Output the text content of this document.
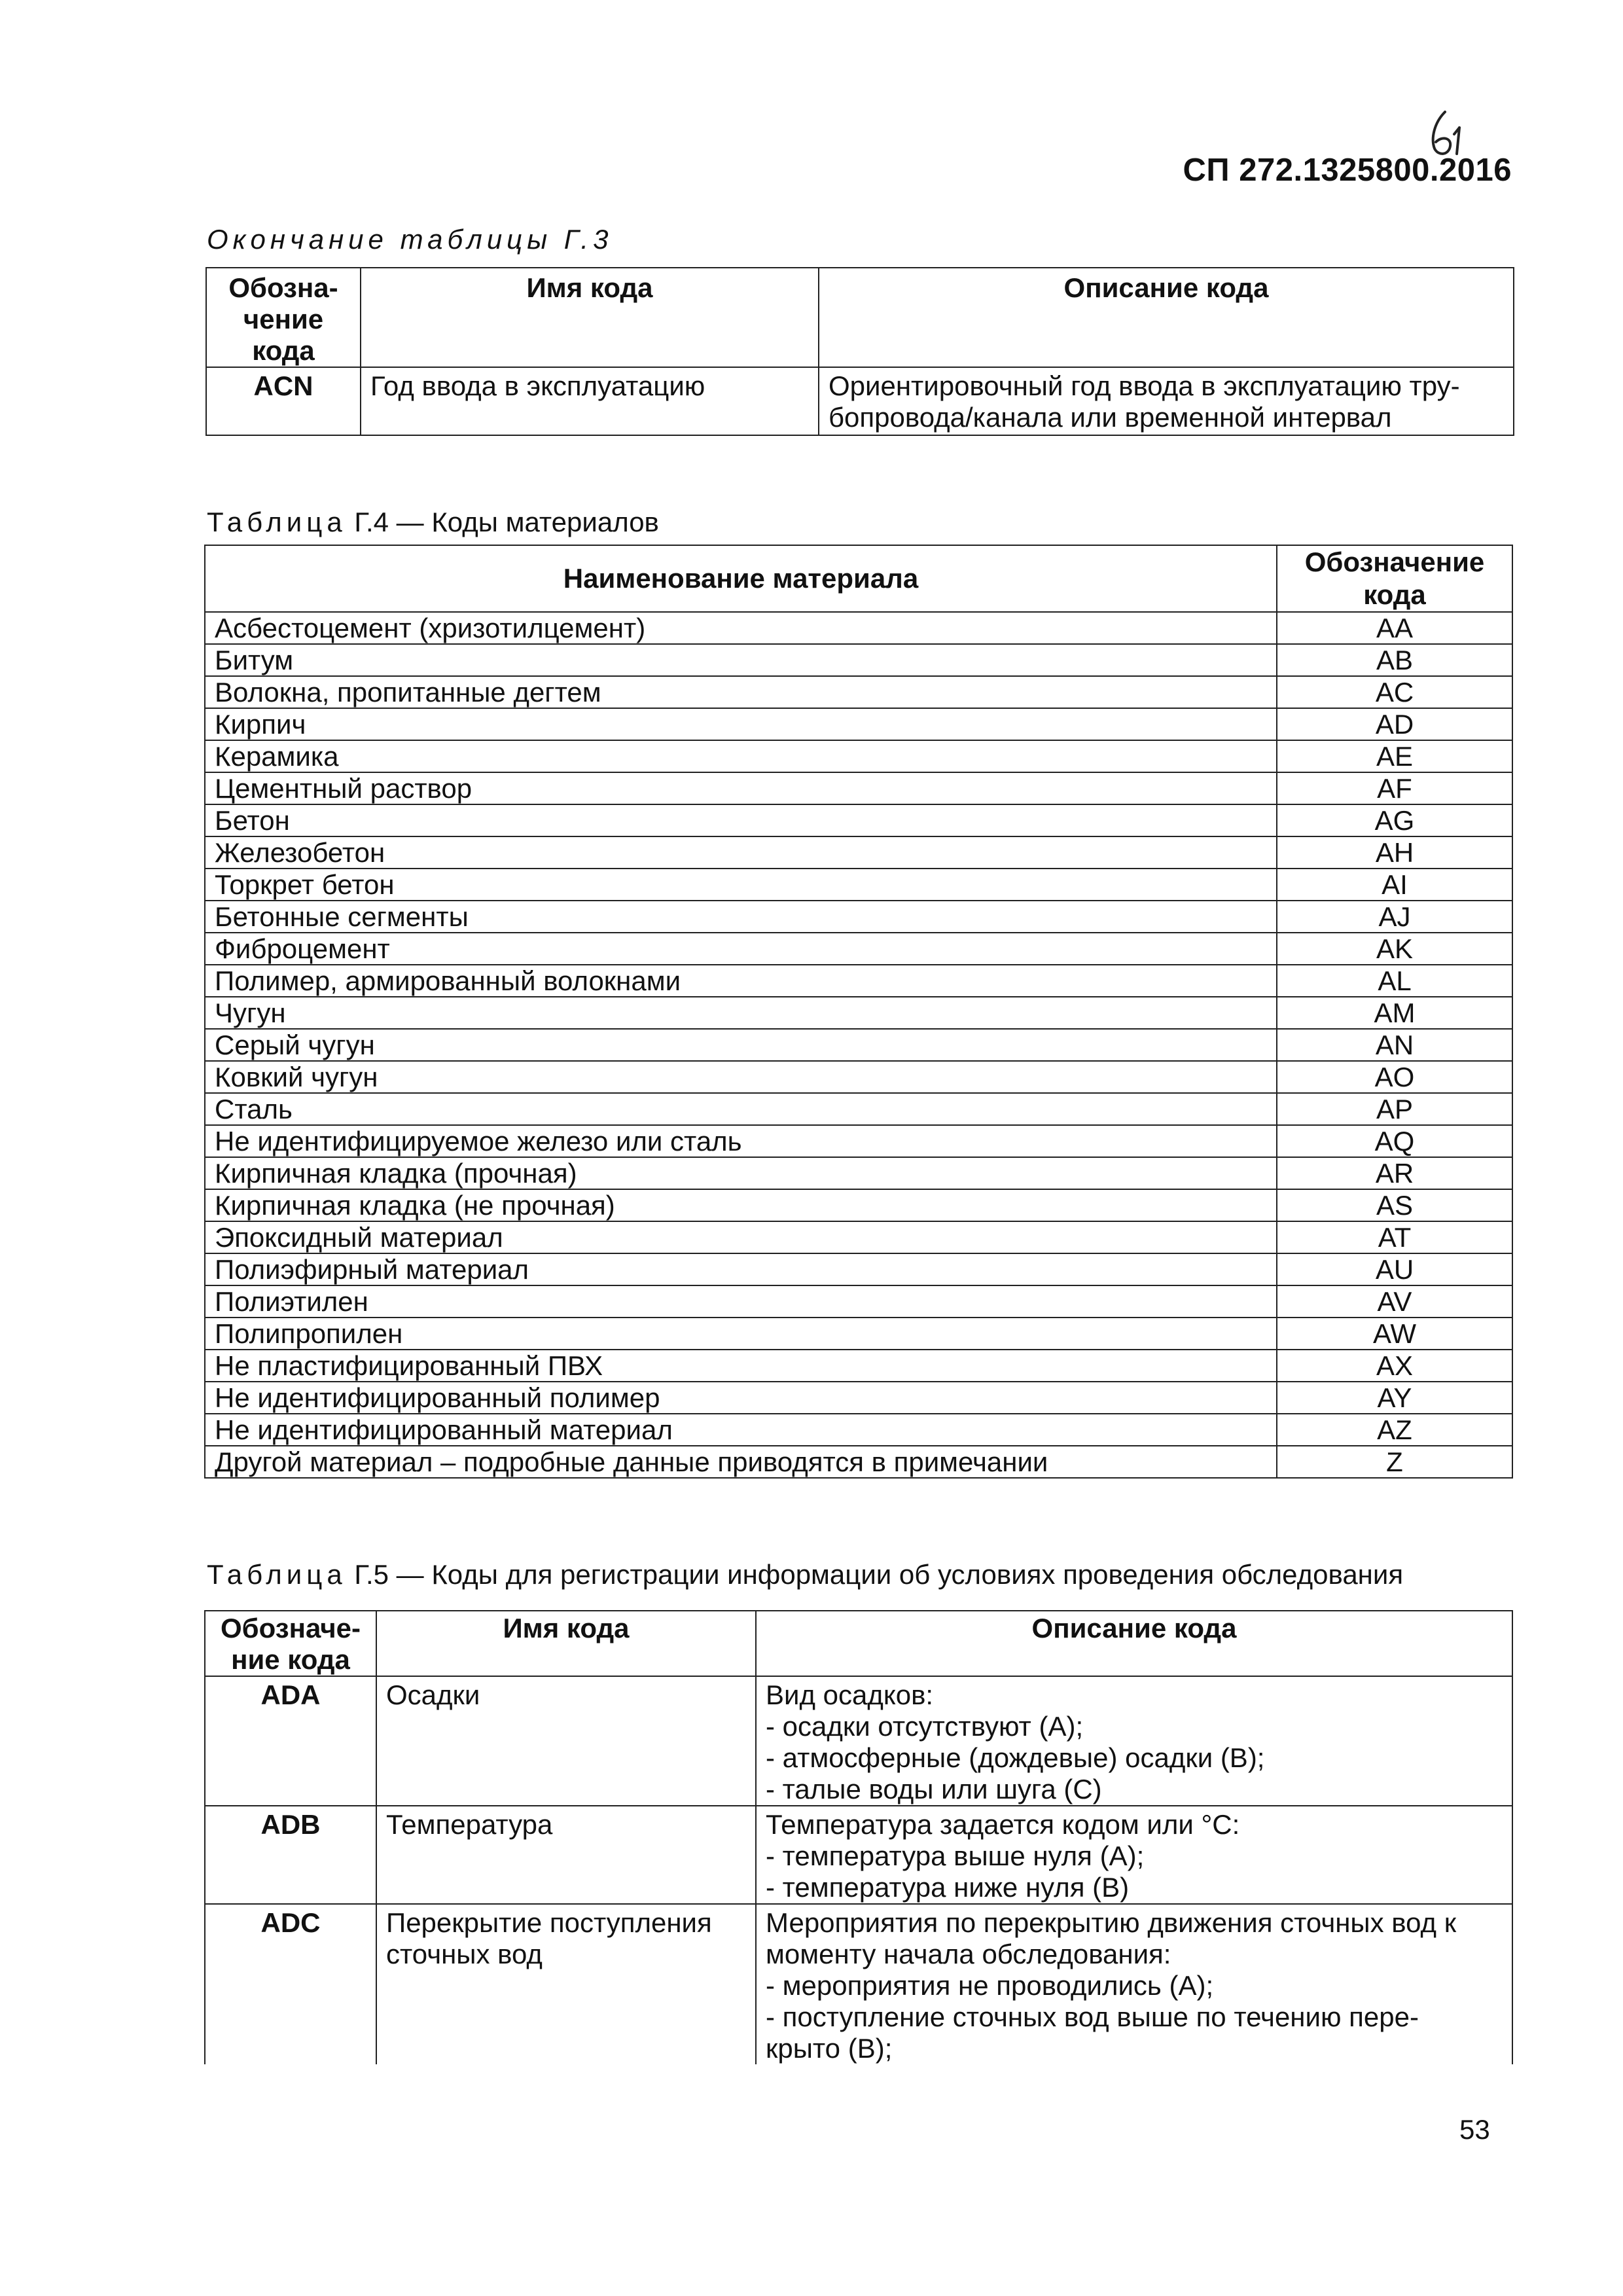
СП 272.1325800.2016
Окончание таблицы Г.3
Обозна-
чение
кода	Имя кода	Описание кода
ACN	Год ввода в эксплуатацию	Ориентировочный год ввода в эксплуатацию тру-
бопровода/канала или временной интервал
Таблица Г.4 — Коды материалов
Наименование материала	Обозначение
кода
Асбестоцемент (хризотилцемент)	AA
Битум	AB
Волокна, пропитанные дегтем	AC
Кирпич	AD
Керамика	AE
Цементный раствор	AF
Бетон	AG
Железобетон	AH
Торкрет бетон	AI
Бетонные сегменты	AJ
Фиброцемент	AK
Полимер, армированный волокнами	AL
Чугун	AM
Серый чугун	AN
Ковкий чугун	AO
Сталь	AP
Не идентифицируемое железо или сталь	AQ
Кирпичная кладка (прочная)	AR
Кирпичная кладка (не прочная)	AS
Эпоксидный материал	AT
Полиэфирный материал	AU
Полиэтилен	AV
Полипропилен	AW
Не пластифицированный ПВХ	AX
Не идентифицированный полимер	AY
Не идентифицированный материал	AZ
Другой материал – подробные данные приводятся в примечании	Z
Таблица Г.5 — Коды для регистрации информации об условиях проведения обследования
Обозначе-
ние кода	Имя кода	Описание кода
ADA	Осадки	Вид осадков:
- осадки отсутствуют (A);
- атмосферные (дождевые) осадки (B);
- талые воды или шуга (C)

ADB	Температура	Температура задается кодом или °C:
- температура выше нуля (A);
- температура ниже нуля (B)

ADC	Перекрытие поступления
сточных вод	Мероприятия по перекрытию движения сточных вод к
моменту начала обследования:
- мероприятия не проводились (A);
- поступление сточных вод выше по течению пере-
крыто (B);
53
